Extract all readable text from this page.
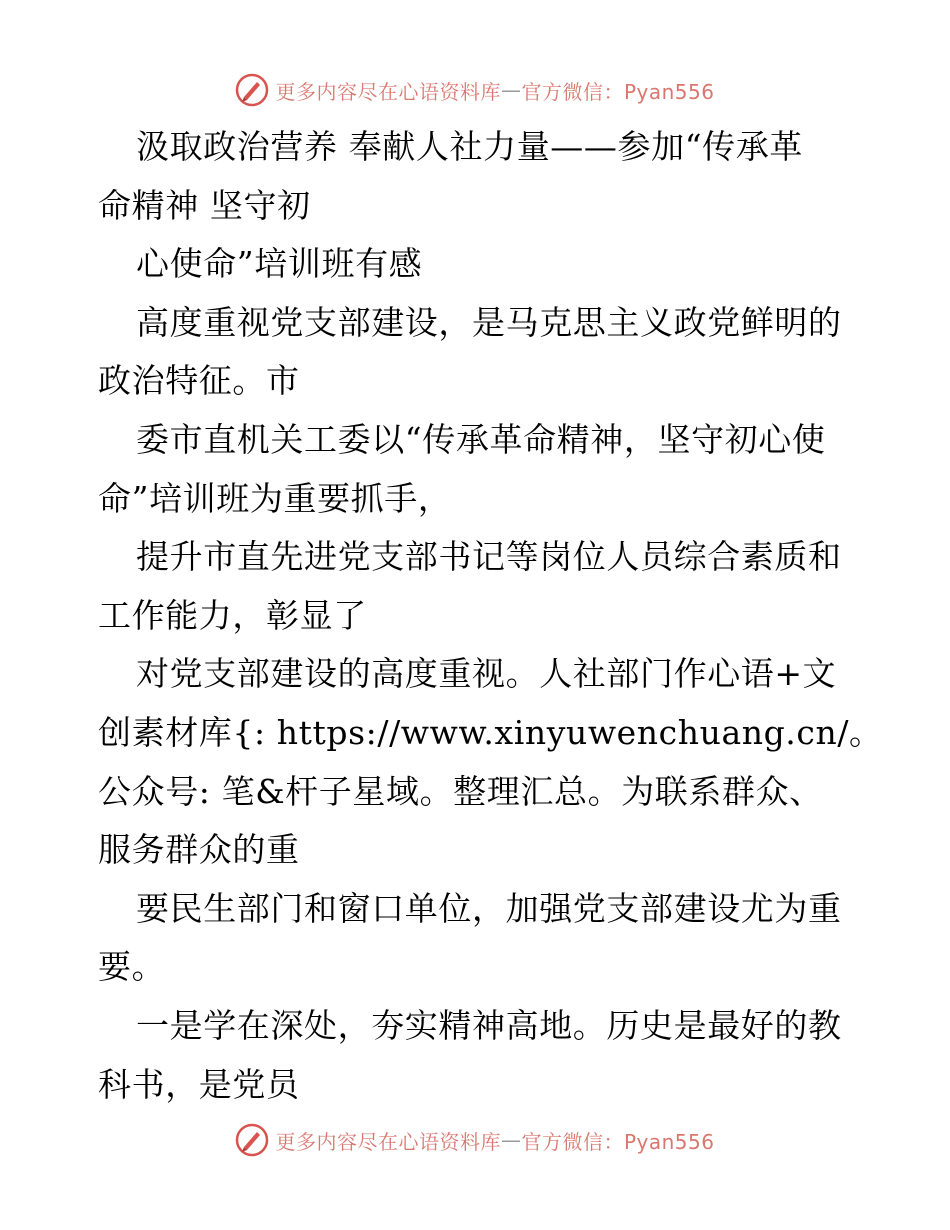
更多内容尽在心语资料库 — 官方微信：Pyan556
汲取政治营养 奉献人社力量——参加“传承革
命精神 坚守初
心使命”培训班有感
高度重视党支部建设，是马克思主义政党鲜明的
政治特征。市
委市直机关工委以“传承革命精神，坚守初心使
命”培训班为重要抓手，
提升市直先进党支部书记等岗位人员综合素质和
工作能力，彰显了
对党支部建设的高度重视。人社部门作心语+文
创素材库{: https://www.xinyuwenchuang.cn/。
公众号: 笔&杆子星域。整理汇总。为联系群众、
服务群众的重
要民生部门和窗口单位，加强党支部建设尤为重
要。
一是学在深处，夯实精神高地。历史是最好的教
科书，是党员
更多内容尽在心语资料库 — 官方微信：Pyan556
